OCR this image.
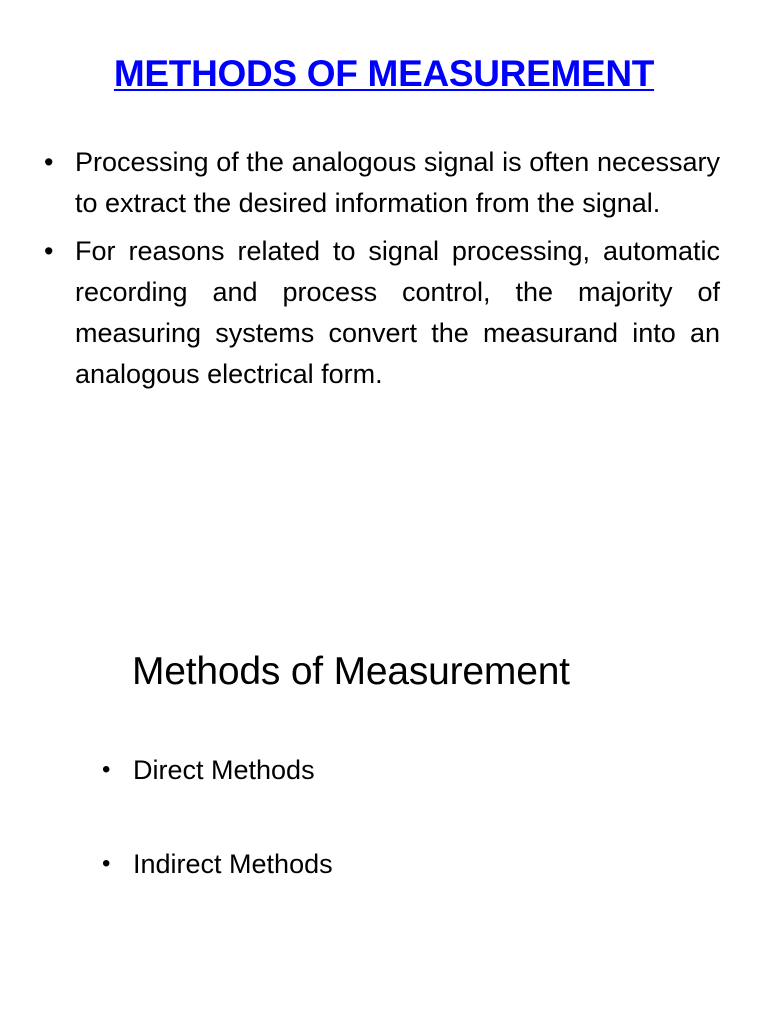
METHODS OF MEASUREMENT
• Processing of the analogous signal is often necessary to extract the desired information from the signal.
• For reasons related to signal processing, automatic recording and process control, the majority of measuring systems convert the measurand into an analogous electrical form.
Methods of Measurement
• Direct Methods
• Indirect Methods
